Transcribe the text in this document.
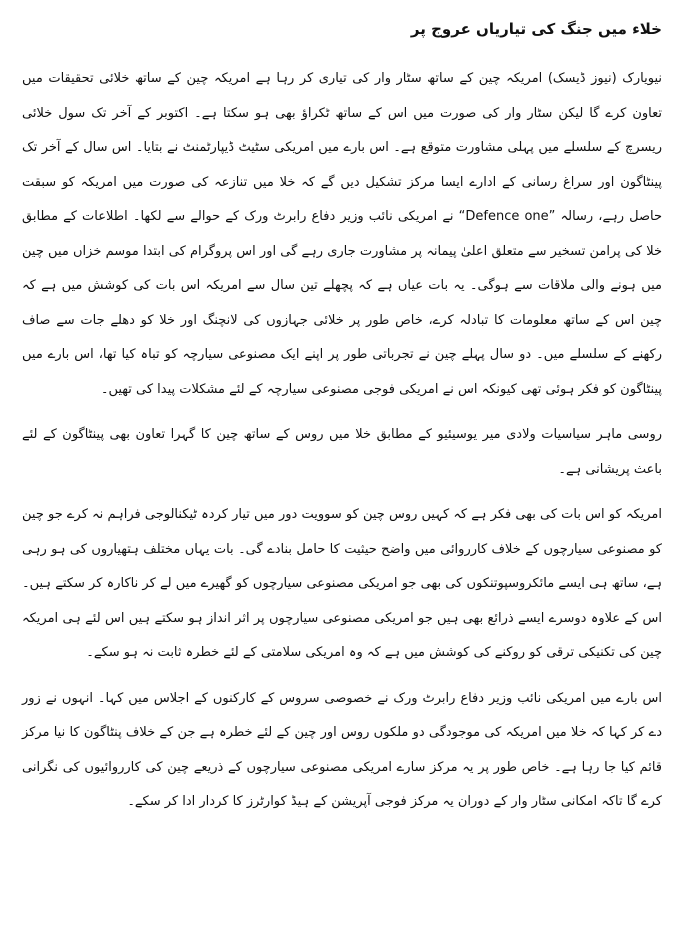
خلاء میں جنگ کی تیاریاں عروج پر

نیویارک (نیوز ڈیسک) امریکہ چین کے ساتھ سٹار وار کی تیاری کر رہا ہے امریکہ چین کے ساتھ خلائی تحقیقات میں تعاون کرے گا لیکن سٹار وار کی صورت میں اس کے ساتھ ٹکراؤ بھی ہو سکتا ہے۔ اکتوبر کے آخر تک سول خلائی ریسرچ کے سلسلے میں پہلی مشاورت متوقع ہے۔ اس بارے میں امریکی سٹیٹ ڈیپارٹمنٹ نے بتایا۔ اس سال کے آخر تک پینٹاگون اور سراغ رسانی کے ادارے ایسا مرکز تشکیل دیں گے کہ خلا میں تنازعہ کی صورت میں امریکہ کو سبقت حاصل رہے، رسالہ ”Defence one“ نے امریکی نائب وزیر دفاع رابرٹ ورک کے حوالے سے لکھا۔ اطلاعات کے مطابق خلا کی پرامن تسخیر سے متعلق اعلیٰ پیمانہ پر مشاورت جاری رہے گی اور اس پروگرام کی ابتدا موسم خزاں میں چین میں ہونے والی ملاقات سے ہوگی۔ یہ بات عیاں ہے کہ پچھلے تین سال سے امریکہ اس بات کی کوشش میں ہے کہ چین اس کے ساتھ معلومات کا تبادلہ کرے، خاص طور پر خلائی جہازوں کی لانچنگ اور خلا کو دھلے جات سے صاف رکھنے کے سلسلے میں۔ دو سال پہلے چین نے تجرباتی طور پر اپنے ایک مصنوعی سیارچہ کو تباہ کیا تھا، اس بارے میں پینٹاگون کو فکر ہوئی تھی کیونکہ اس نے امریکی فوجی مصنوعی سیارچہ کے لئے مشکلات پیدا کی تھیں۔

روسی ماہر سیاسیات ولادی میر یوسیئیو کے مطابق خلا میں روس کے ساتھ چین کا گہرا تعاون بھی پینٹاگون کے لئے باعث پریشانی ہے۔

امریکہ کو اس بات کی بھی فکر ہے کہ کہیں روس چین کو سوویت دور میں تیار کردہ ٹیکنالوجی فراہم نہ کرے جو چین کو مصنوعی سیارچوں کے خلاف کارروائی میں واضح حیثیت کا حامل بنادے گی۔ بات یہاں مختلف ہتھیاروں کی ہو رہی ہے، ساتھ ہی ایسے مائکروسپوتنکوں کی بھی جو امریکی مصنوعی سیارچوں کو گھیرے میں لے کر ناکارہ کر سکتے ہیں۔ اس کے علاوہ دوسرے ایسے ذرائع بھی ہیں جو امریکی مصنوعی سیارچوں پر اثر انداز ہو سکتے ہیں اس لئے ہی امریکہ چین کی تکنیکی ترقی کو روکنے کی کوشش میں ہے کہ وہ امریکی سلامتی کے لئے خطرہ ثابت نہ ہو سکے۔

اس بارے میں امریکی نائب وزیر دفاع رابرٹ ورک نے خصوصی سروس کے کارکنوں کے اجلاس میں کہا۔ انہوں نے زور دے کر کہا کہ خلا میں امریکہ کی موجودگی دو ملکوں روس اور چین کے لئے خطرہ ہے جن کے خلاف پنٹاگون کا نیا مرکز قائم کیا جا رہا ہے۔ خاص طور پر یہ مرکز سارے امریکی مصنوعی سیارچوں کے ذریعے چین کی کارروائیوں کی نگرانی کرے گا تاکہ امکانی سٹار وار کے دوران یہ مرکز فوجی آپریشن کے ہیڈ کوارٹرز کا کردار ادا کر سکے۔
